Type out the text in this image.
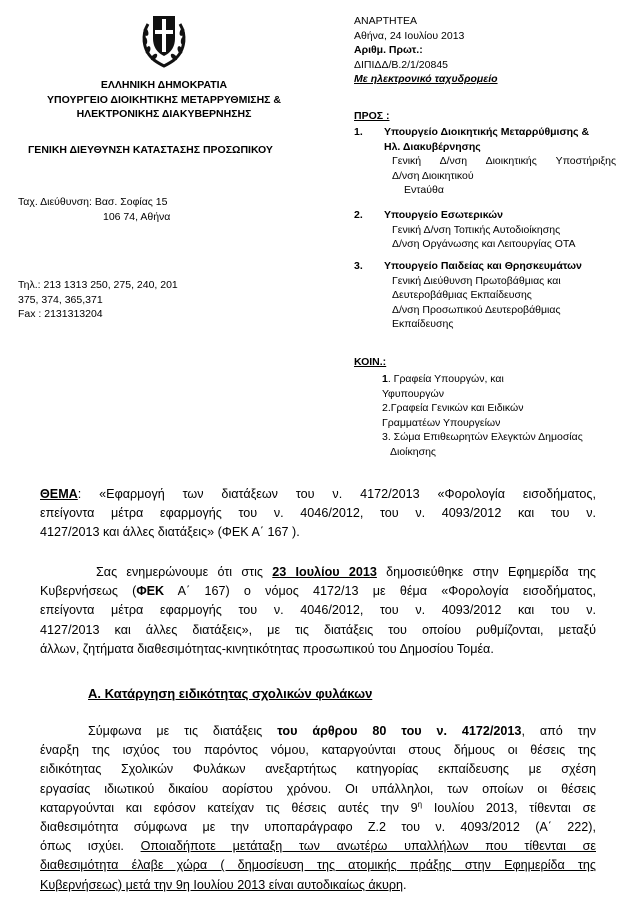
ΕΛΛΗΝΙΚΗ ΔΗΜΟΚΡΑΤΙΑ
ΥΠΟΥΡΓΕΙΟ ΔΙΟΙΚΗΤΙΚΗΣ ΜΕΤΑΡΡΥΘΜΙΣΗΣ &
ΗΛΕΚΤΡΟΝΙΚΗΣ ΔΙΑΚΥΒΕΡΝΗΣΗΣ
ΓΕΝΙΚΗ ΔΙΕΥΘΥΝΣΗ ΚΑΤΑΣΤΑΣΗΣ ΠΡΟΣΩΠΙΚΟΥ
Ταχ. Διεύθυνση: Βασ. Σοφίας 15
106 74, Αθήνα
Τηλ.: 213 1313 250, 275, 240, 201
375, 374, 365,371
Fax : 2131313204
ΑΝΑΡΤΗΤΕΑ
Αθήνα, 24 Ιουλίου 2013
Αριθμ. Πρωτ.:
ΔΙΠΙΔΔ/Β.2/1/20845
Με ηλεκτρονικό ταχυδρομείο
ΠΡΟΣ :
1. Υπουργείο Διοικητικής Μεταρρύθμισης &
Ηλ. Διακυβέρνησης
Γενική Δ/νση Διοικητικής Υποστήριξης
Δ/νση Διοικητικού
Εντaύθα
2. Υπουργείο Εσωτερικών
Γενική Δ/νση Τοπικής Αυτοδιοίκησης
Δ/νση Οργάνωσης και Λειτουργίας ΟΤΑ
3. Υπουργείο Παιδείας και Θρησκευμάτων
Γενική Διεύθυνση Πρωτοβάθμιας και
Δευτεροβάθμιας Εκπαίδευσης
Δ/νση Προσωπικού Δευτεροβάθμιας
Εκπαίδευσης
ΚΟΙΝ.:
1. Γραφεία Υπουργών, και
Υφυπουργών
2.Γραφεία Γενικών και Ειδικών
Γραμματέων Υπουργείων
3. Σώμα Επιθεωρητών Ελεγκτών Δημοσίας
Διοίκησης
ΘΕΜΑ: «Εφαρμογή των διατάξεων του ν. 4172/2013 «Φορολογία εισοδήματος,
επείγοντα μέτρα εφαρμογής του ν. 4046/2012, του ν. 4093/2012 και του ν.
4127/2013 και άλλες διατάξεις» (ΦΕΚ Α΄ 167 ).
Σας ενημερώνουμε ότι στις 23 Ιουλίου 2013 δημοσιεύθηκε στην Εφημερίδα της
Κυβερνήσεως (ΦΕΚ Α΄ 167) ο νόμος 4172/13 με θέμα «Φορολογία εισοδήματος,
επείγοντα μέτρα εφαρμογής του ν. 4046/2012, του ν. 4093/2012 και του ν.
4127/2013 και άλλες διατάξεις», με τις διατάξεις του οποίου ρυθμίζονται, μεταξύ
άλλων, ζητήματα διαθεσιμότητας-κινητικότητας προσωπικού του Δημοσίου Τομέα.
Α. Κατάργηση ειδικότητας σχολικών φυλάκων
Σύμφωνα με τις διατάξεις του άρθρου 80 του ν. 4172/2013, από την
έναρξη της ισχύος του παρόντος νόμου, καταργούνται στους δήμους οι θέσεις της
ειδικότητας Σχολικών Φυλάκων ανεξαρτήτως κατηγορίας εκπαίδευσης με σχέση
εργασίας ιδιωτικού δικαίου αορίστου χρόνου. Οι υπάλληλοι, των οποίων οι θέσεις
καταργούνται και εφόσον κατείχαν τις θέσεις αυτές την $9^\eta$ Ιουλίου 2013, τίθενται σε
διαθεσιμότητα σύμφωνα με την υποπαράγραφο Ζ.2 του ν. 4093/2012 (Α΄ 222),
όπως ισχύει. Οποιαδήποτε μετάταξη των ανωτέρω υπαλλήλων που τίθενται σε
διαθεσιμότητα έλαβε χώρα ( δημοσίευση της ατομικής πράξης στην Εφημερίδα της
Κυβερνήσεως) μετά την 9η Ιουλίου 2013 είναι αυτοδικαίως άκυρη.
